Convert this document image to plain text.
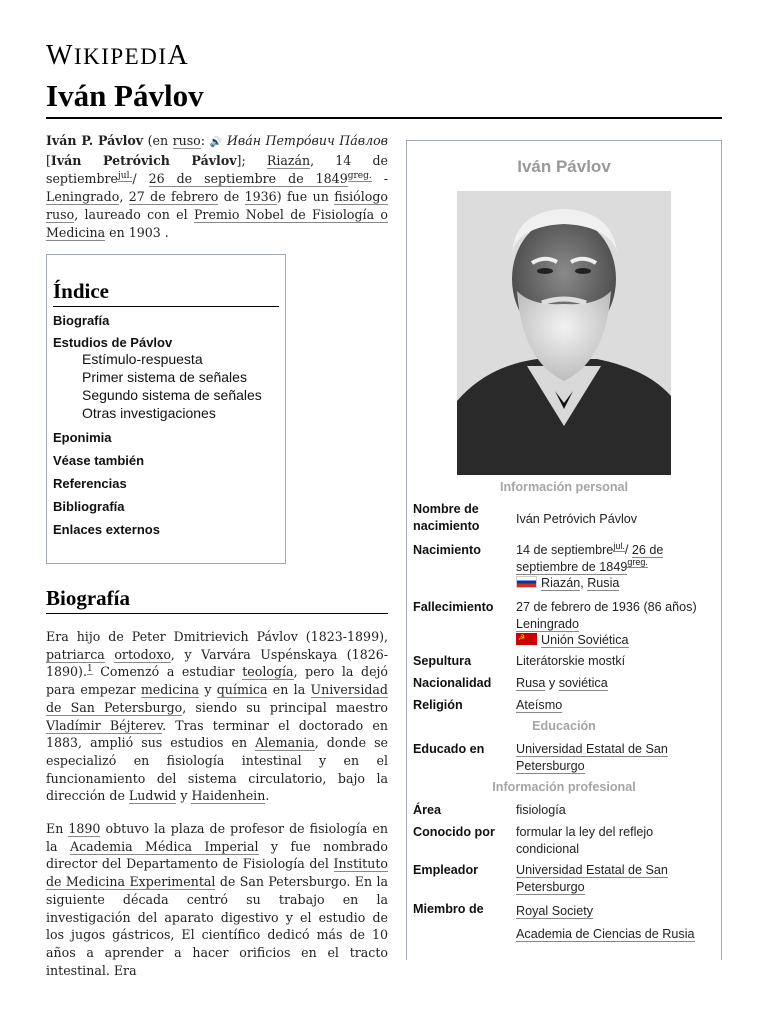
WIKIPEDIA
Iván Pávlov
Iván P. Pávlov (en ruso: 🔊 Ива́н Петро́вич Па́влов [Iván Petróvich Pávlov]; Riazán, 14 de septiembre$^{jul.}$/ 26 de septiembre de $1849^{greg.}$ - Leningrado, 27 de febrero de 1936) fue un fisiólogo ruso, laureado con el Premio Nobel de Fisiología o Medicina en 1903 .
Índice
Biografía
Estudios de Pávlov
Estímulo-respuesta
Primer sistema de señales
Segundo sistema de señales
Otras investigaciones
Eponimia
Véase también
Referencias
Bibliografía
Enlaces externos
Biografía
Era hijo de Peter Dmitrievich Pávlov (1823-1899), patriarca ortodoxo, y Varvára Uspénskaya (1826-1890).$^1$ Comenzó a estudiar teología, pero la dejó para empezar medicina y química en la Universidad de San Petersburgo, siendo su principal maestro Vladímir Béjterev. Tras terminar el doctorado en 1883, amplió sus estudios en Alemania, donde se especializó en fisiología intestinal y en el funcionamiento del sistema circulatorio, bajo la dirección de Ludwid y Haidenhein.
En 1890 obtuvo la plaza de profesor de fisiología en la Academia Médica Imperial y fue nombrado director del Departamento de Fisiología del Instituto de Medicina Experimental de San Petersburgo. En la siguiente década centró su trabajo en la investigación del aparato digestivo y el estudio de los jugos gástricos, El científico dedicó más de 10 años a aprender a hacer orificios en el tracto intestinal. Era
Iván Pávlov
Información personal
Nombre de nacimiento	Iván Petróvich Pávlov
Nacimiento	14 de septiembre$^{jul.}$/ 26 de septiembre de $1849^{greg.}$
Riazán, Rusia
Fallecimiento	27 de febrero de 1936 (86 años)
Leningrado
☭Unión Soviética
Sepultura	Literátorskie mostkí
Nacionalidad	Rusa y soviética
Religión	Ateísmo
Educación
Educado en	Universidad Estatal de San Petersburgo
Información profesional
Área	fisiología
Conocido por	formular la ley del reflejo condicional
Empleador	Universidad Estatal de San Petersburgo
Miembro de	Royal Society

Academia de Ciencias de Rusia
